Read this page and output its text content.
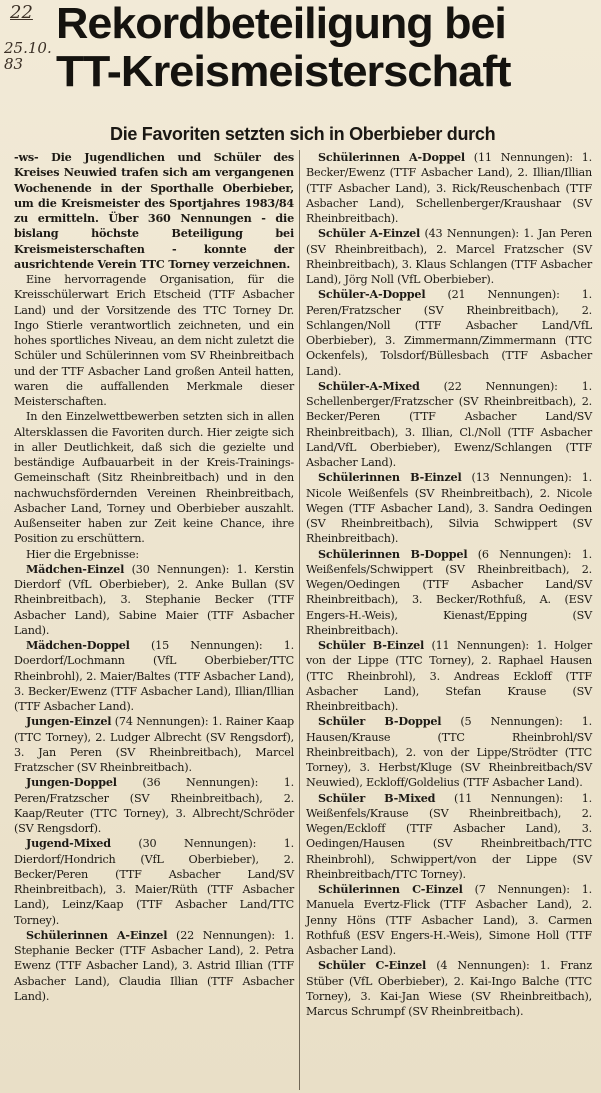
22
25.10. 83
Rekordbeteiligung bei
TT-Kreismeisterschaft
Die Favoriten setzten sich in Oberbieber durch

-ws- Die Jugendlichen und Schüler des Kreises Neuwied trafen sich am vergangenen Wochenende in der Sporthalle Oberbieber, um die Kreismeister des Sportjahres 1983/84 zu ermitteln. Über 360 Nennungen - die bislang höchste Beteiligung bei Kreismeisterschaften - konnte der ausrichtende Verein TTC Torney verzeichnen.

Eine hervorragende Organisation, für die Kreisschülerwart Erich Etscheid (TTF Asbacher Land) und der Vorsitzende des TTC Torney Dr. Ingo Stierle verantwortlich zeichneten, und ein hohes sportliches Niveau, an dem nicht zuletzt die Schüler und Schülerinnen vom SV Rheinbreitbach und der TTF Asbacher Land großen Anteil hatten, waren die auffallenden Merkmale dieser Meisterschaften.

In den Einzelwettbewerben setzten sich in allen Altersklassen die Favoriten durch. Hier zeigte sich in aller Deutlichkeit, daß sich die gezielte und beständige Aufbauarbeit in der Kreis-Trainings-Gemeinschaft (Sitz Rheinbreitbach) und in den nachwuchsfördernden Vereinen Rheinbreitbach, Asbacher Land, Torney und Oberbieber auszahlt. Außenseiter haben zur Zeit keine Chance, ihre Position zu erschüttern.

Hier die Ergebnisse:

Mädchen-Einzel (30 Nennungen): 1. Kerstin Dierdorf (VfL Oberbieber), 2. Anke Bullan (SV Rheinbreitbach), 3. Stephanie Becker (TTF Asbacher Land), Sabine Maier (TTF Asbacher Land).

Mädchen-Doppel (15 Nennungen): 1. Doerdorf/Lochmann (VfL Oberbieber/TTC Rheinbrohl), 2. Maier/Baltes (TTF Asbacher Land), 3. Becker/Ewenz (TTF Asbacher Land), Illian/Illian (TTF Asbacher Land).

Jungen-Einzel (74 Nennungen): 1. Rainer Kaap (TTC Torney), 2. Ludger Albrecht (SV Rengsdorf), 3. Jan Peren (SV Rheinbreitbach), Marcel Fratzscher (SV Rheinbreitbach).

Jungen-Doppel (36 Nennungen): 1. Peren/Fratzscher (SV Rheinbreitbach), 2. Kaap/Reuter (TTC Torney), 3. Albrecht/Schröder (SV Rengsdorf).

Jugend-Mixed (30 Nennungen): 1. Dierdorf/Hondrich (VfL Oberbieber), 2. Becker/Peren (TTF Asbacher Land/SV Rheinbreitbach), 3. Maier/Rüth (TTF Asbacher Land), Leinz/Kaap (TTF Asbacher Land/TTC Torney).

Schülerinnen A-Einzel (22 Nennungen): 1. Stephanie Becker (TTF Asbacher Land), 2. Petra Ewenz (TTF Asbacher Land), 3. Astrid Illian (TTF Asbacher Land), Claudia Illian (TTF Asbacher Land).

Schülerinnen A-Doppel (11 Nennungen): 1. Becker/Ewenz (TTF Asbacher Land), 2. Illian/Illian (TTF Asbacher Land), 3. Rick/Reuschenbach (TTF Asbacher Land), Schellenberger/Kraushaar (SV Rheinbreitbach).

Schüler A-Einzel (43 Nennungen): 1. Jan Peren (SV Rheinbreitbach), 2. Marcel Fratzscher (SV Rheinbreitbach), 3. Klaus Schlangen (TTF Asbacher Land), Jörg Noll (VfL Oberbieber).

Schüler-A-Doppel (21 Nennungen): 1. Peren/Fratzscher (SV Rheinbreitbach), 2. Schlangen/Noll (TTF Asbacher Land/VfL Oberbieber), 3. Zimmermann/Zimmermann (TTC Ockenfels), Tolsdorf/Büllesbach (TTF Asbacher Land).

Schüler-A-Mixed (22 Nennungen): 1. Schellenberger/Fratzscher (SV Rheinbreitbach), 2. Becker/Peren (TTF Asbacher Land/SV Rheinbreitbach), 3. Illian, Cl./Noll (TTF Asbacher Land/VfL Oberbieber), Ewenz/Schlangen (TTF Asbacher Land).

Schülerinnen B-Einzel (13 Nennungen): 1. Nicole Weißenfels (SV Rheinbreitbach), 2. Nicole Wegen (TTF Asbacher Land), 3. Sandra Oedingen (SV Rheinbreitbach), Silvia Schwippert (SV Rheinbreitbach).

Schülerinnen B-Doppel (6 Nennungen): 1. Weißenfels/Schwippert (SV Rheinbreitbach), 2. Wegen/Oedingen (TTF Asbacher Land/SV Rheinbreitbach), 3. Becker/Rothfuß, A. (ESV Engers-H.-Weis), Kienast/Epping (SV Rheinbreitbach).

Schüler B-Einzel (11 Nennungen): 1. Holger von der Lippe (TTC Torney), 2. Raphael Hausen (TTC Rheinbrohl), 3. Andreas Eckloff (TTF Asbacher Land), Stefan Krause (SV Rheinbreitbach).

Schüler B-Doppel (5 Nennungen): 1. Hausen/Krause (TTC Rheinbrohl/SV Rheinbreitbach), 2. von der Lippe/Strödter (TTC Torney), 3. Herbst/Kluge (SV Rheinbreitbach/SV Neuwied), Eckloff/Goldelius (TTF Asbacher Land).

Schüler B-Mixed (11 Nennungen): 1. Weißenfels/Krause (SV Rheinbreitbach), 2. Wegen/Eckloff (TTF Asbacher Land), 3. Oedingen/Hausen (SV Rheinbreitbach/TTC Rheinbrohl), Schwippert/von der Lippe (SV Rheinbreitbach/TTC Torney).

Schülerinnen C-Einzel (7 Nennungen): 1. Manuela Evertz-Flick (TTF Asbacher Land), 2. Jenny Höns (TTF Asbacher Land), 3. Carmen Rothfuß (ESV Engers-H.-Weis), Simone Holl (TTF Asbacher Land).

Schüler C-Einzel (4 Nennungen): 1. Franz Stüber (VfL Oberbieber), 2. Kai-Ingo Balche (TTC Torney), 3. Kai-Jan Wiese (SV Rheinbreitbach), Marcus Schrumpf (SV Rheinbreitbach).
